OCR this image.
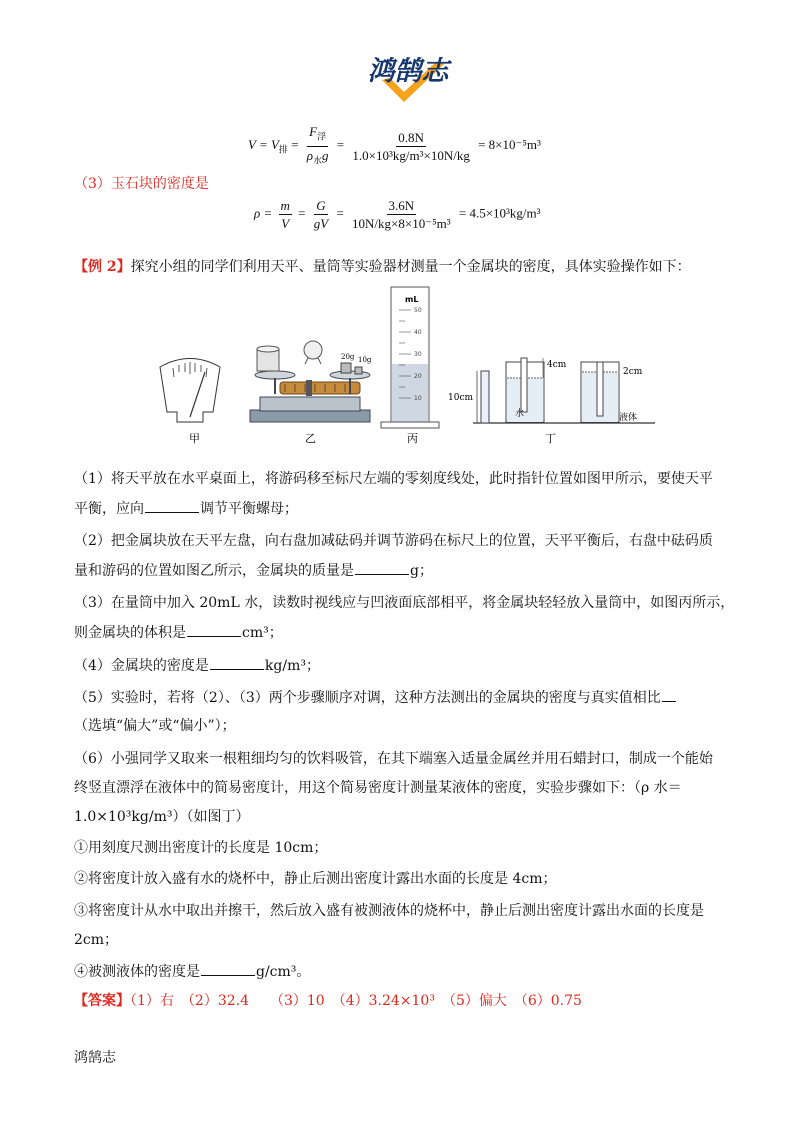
鸿鹄志
$V = V_排$ =
$F_浮$
$\rho_水g$
= $\frac{0.8N}{\text{1.0×10³kg/m³×10N/kg}} = 8\times 10^{-5}m^3$
（3）玉石块的密度是
$\rho = \frac{m}{V} = \frac{G}{gV} = \frac{3.6N}{\text{10N/kg×8×10⁻⁵m³}} = 4.5\times 10^3kg/m^3$
【例 2】探究小组的同学们利用天平、量筒等实验器材测量一个金属块的密度，具体实验操作如下：
20g 10g
mL
50
40
30
20
10	10cm
4cm
水
2cm
液体
甲	乙	丙	丁
（1）将天平放在水平桌面上，将游码移至标尺左端的零刻度线处，此时指针位置如图甲所示，要使天平
平衡，应向	调节平衡螺母；
（2）把金属块放在天平左盘，向右盘加减砝码并调节游码在标尺上的位置，天平平衡后，右盘中砝码质
量和游码的位置如图乙所示，金属块的质量是	g；
（3）在量筒中加入 20mL 水，读数时视线应与凹液面底部相平，将金属块轻轻放入量筒中，如图丙所示，
则金属块的体积是	cm³；
（4）金属块的密度是	kg/m³；
（5）实验时，若将（2）、（3）两个步骤顺序对调，这种方法测出的金属块的密度与真实值相比
（选填“偏大”或“偏小”）；
（6）小强同学又取来一根粗细均匀的饮料吸管，在其下端塞入适量金属丝并用石蜡封口，制成一个能始
终竖直漂浮在液体中的简易密度计，用这个简易密度计测量某液体的密度，实验步骤如下：（ρ 水＝
1.0×10³kg/m³）（如图丁）
①用刻度尺测出密度计的长度是 10cm；
②将密度计放入盛有水的烧杯中，静止后测出密度计露出水面的长度是 4cm；
③将密度计从水中取出并擦干，然后放入盛有被测液体的烧杯中，静止后测出密度计露出水面的长度是
2cm；
④被测液体的密度是	g/cm³。
【答案】（1）右　（2）32.4　　（3）10　（4）3.24×10³　（5）偏大　（6）0.75
鸿鹄志
